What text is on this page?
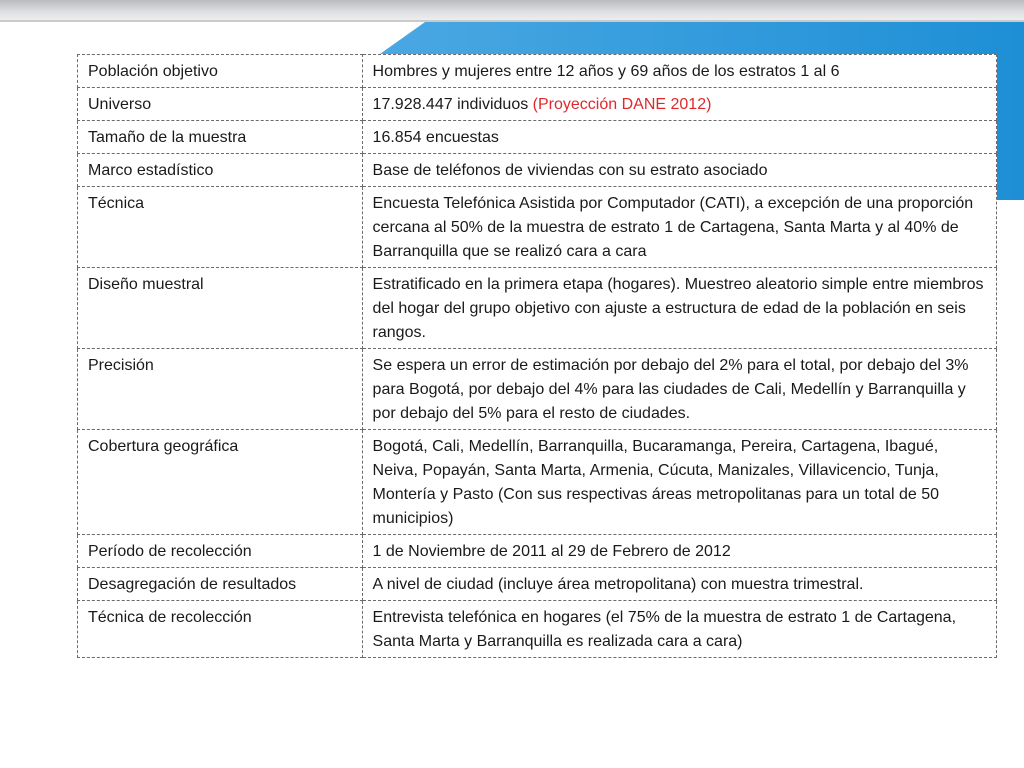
Población objetivo	Hombres y mujeres entre 12 años y 69 años de los estratos 1 al 6
Universo	17.928.447 individuos (Proyección DANE 2012)
Tamaño de la muestra	16.854 encuestas
Marco estadístico	Base de teléfonos de viviendas con su estrato asociado
Técnica	Encuesta Telefónica Asistida por Computador (CATI), a excepción de una proporción cercana al 50% de la muestra de estrato 1 de Cartagena, Santa Marta y al 40% de Barranquilla que se realizó cara a cara
Diseño muestral	Estratificado en la primera etapa (hogares). Muestreo aleatorio simple entre miembros del hogar del grupo objetivo con ajuste a estructura de edad de la población en seis rangos.
Precisión	Se espera un error de estimación por debajo del 2% para el total, por debajo del 3% para Bogotá, por debajo del 4% para las ciudades de Cali, Medellín y Barranquilla y por debajo del 5% para el resto de ciudades.
Cobertura geográfica	Bogotá, Cali, Medellín, Barranquilla, Bucaramanga, Pereira, Cartagena, Ibagué, Neiva, Popayán, Santa Marta, Armenia, Cúcuta, Manizales, Villavicencio, Tunja, Montería y Pasto (Con sus respectivas áreas metropolitanas para un total de 50 municipios)
Período de recolección	1 de Noviembre de 2011 al 29 de Febrero de 2012
Desagregación de resultados	A nivel de ciudad (incluye área metropolitana) con muestra trimestral.
Técnica de recolección	Entrevista telefónica en hogares (el 75% de la muestra de estrato 1 de Cartagena, Santa Marta y Barranquilla es realizada cara a cara)
